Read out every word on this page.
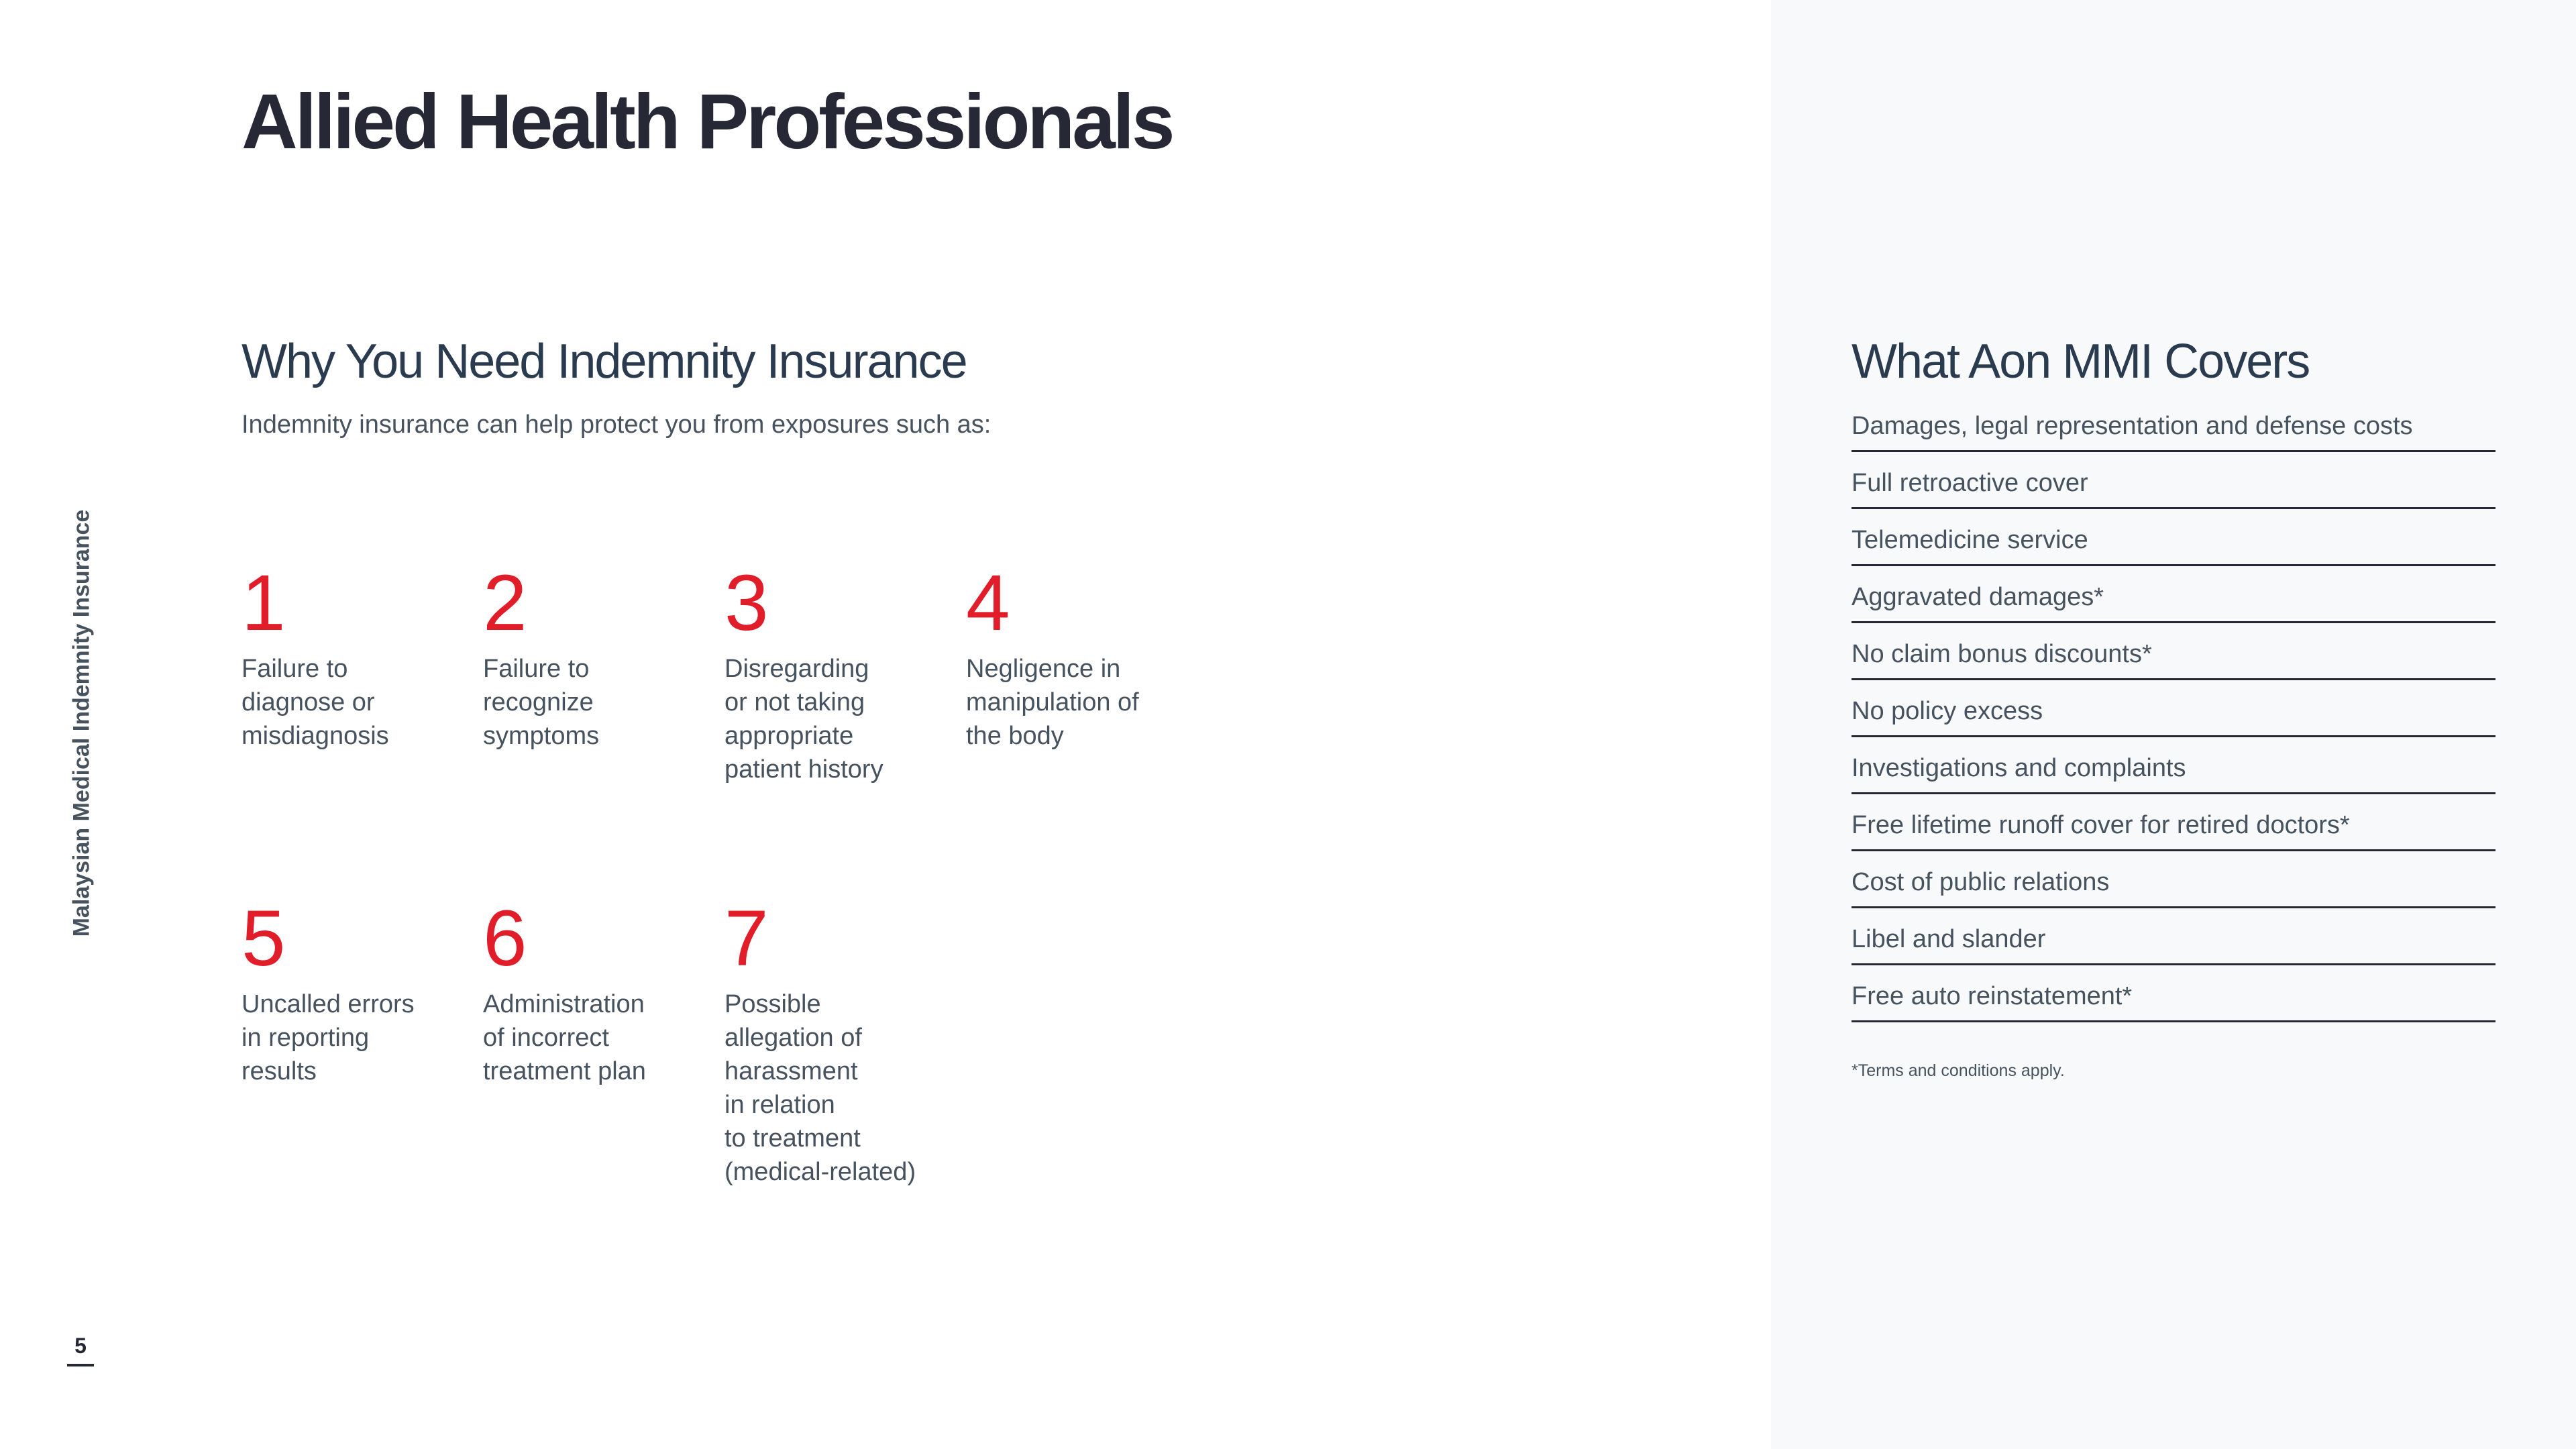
Allied Health Professionals
Malaysian Medical Indemnity Insurance
5
Why You Need Indemnity Insurance
Indemnity insurance can help protect you from exposures such as:
1
Failure to
diagnose or
misdiagnosis
2
Failure to
recognize
symptoms
3
Disregarding
or not taking
appropriate
patient history
4
Negligence in
manipulation of
the body
5
Uncalled errors
in reporting
results
6
Administration
of incorrect
treatment plan
7
Possible
allegation of
harassment
in relation
to treatment
(medical-related)
What Aon MMI Covers
Damages, legal representation and defense costs
Full retroactive cover
Telemedicine service
Aggravated damages*
No claim bonus discounts*
No policy excess
Investigations and complaints
Free lifetime runoff cover for retired doctors*
Cost of public relations
Libel and slander
Free auto reinstatement*
*Terms and conditions apply.
